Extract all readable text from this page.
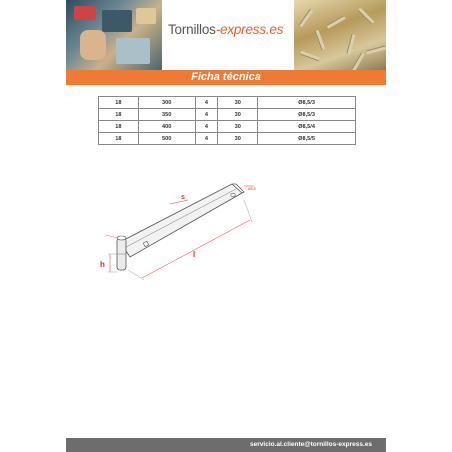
Tornillos-express.es
Ficha técnica
18	300	4	30	Ø8,5/3
18	350	4	30	Ø8,5/3
18	400	4	30	Ø8,5/4
18	500	4	30	Ø8,5/5
s
Ø8,5
l
h
servicio.al.cliente@tornillos-express.es
